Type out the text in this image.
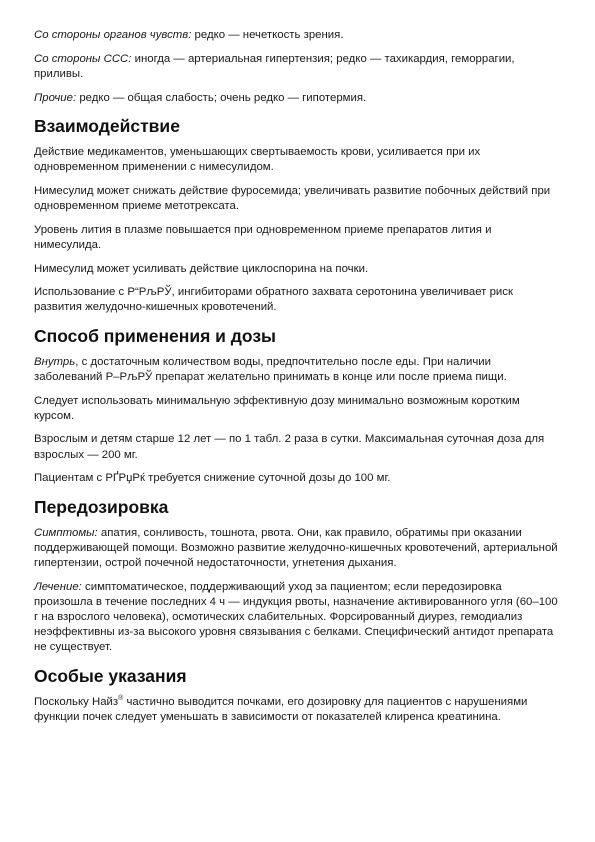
Со стороны органов чувств: редко — нечеткость зрения.

Со стороны ССС: иногда — артериальная гипертензия; редко — тахикардия, геморрагии, приливы.

Прочие: редко — общая слабость; очень редко — гипотермия.

Взаимодействие

Действие медикаментов, уменьшающих свертываемость крови, усиливается при их одновременном применении с нимесулидом.

Нимесулид может снижать действие фуросемида; увеличивать развитие побочных действий при одновременном приеме метотрексата.

Уровень лития в плазме повышается при одновременном приеме препаратов лития и нимесулида.

Нимесулид может усиливать действие циклоспорина на почки.

Использование с Р“РљРЎ, ингибиторами обратного захвата серотонина увеличивает риск развития желудочно-кишечных кровотечений.

Способ применения и дозы

Внутрь, с достаточным количеством воды, предпочтительно после еды. При наличии заболеваний Р–РљРЎ препарат желательно принимать в конце или после приема пищи.

Следует использовать минимальную эффективную дозу минимально возможным коротким курсом.

Взрослым и детям старше 12 лет — по 1 табл. 2 раза в сутки. Максимальная суточная доза для взрослых — 200 мг.

Пациентам с РҐРџРќ требуется снижение суточной дозы до 100 мг.

Передозировка

Симптомы: апатия, сонливость, тошнота, рвота. Они, как правило, обратимы при оказании поддерживающей помощи. Возможно развитие желудочно-кишечных кровотечений, артериальной гипертензии, острой почечной недостаточности, угнетения дыхания.

Лечение: симптоматическое, поддерживающий уход за пациентом; если передозировка произошла в течение последних 4 ч — индукция рвоты, назначение активированного угля (60–100 г на взрослого человека), осмотических слабительных. Форсированный диурез, гемодиализ неэффективны из-за высокого уровня связывания с белками. Специфический антидот препарата не существует.

Особые указания

Поскольку Найз® частично выводится почками, его дозировку для пациентов с нарушениями функции почек следует уменьшать в зависимости от показателей клиренса креатинина.
